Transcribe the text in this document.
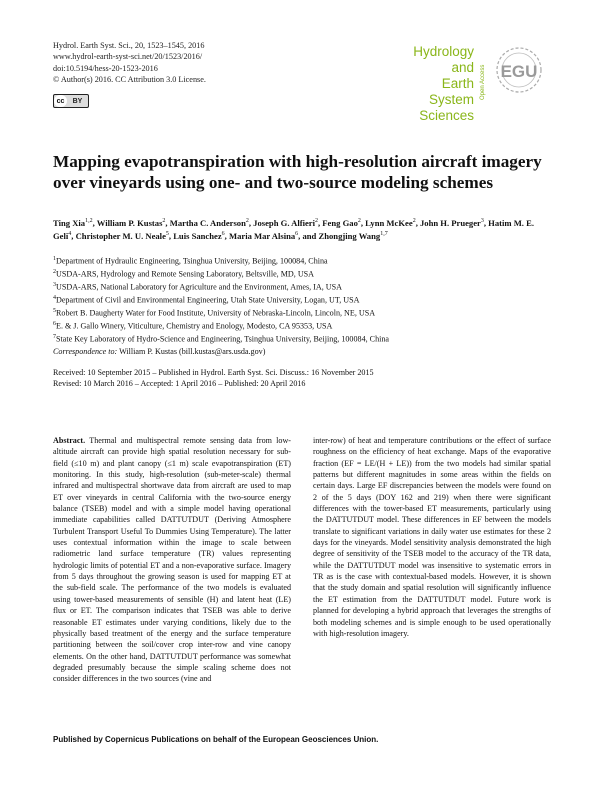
Hydrol. Earth Syst. Sci., 20, 1523–1545, 2016
www.hydrol-earth-syst-sci.net/20/1523/2016/
doi:10.5194/hess-20-1523-2016
© Author(s) 2016. CC Attribution 3.0 License.
cc	BY
Hydrology and
Earth System
Sciences
Open Access EGU
Mapping evapotranspiration with high-resolution aircraft imagery over vineyards using one- and two-source modeling schemes
Ting Xia$^{1,2}$, William P. Kustas$^2$, Martha C. Anderson$^2$, Joseph G. Alfieri$^2$, Feng Gao$^2$, Lynn McKee$^2$, John H. Prueger$^3$, Hatim M. E. Geli$^4$, Christopher M. U. Neale$^5$, Luis Sanchez$^6$, Maria Mar Alsina$^6$, and Zhongjing Wang$^{1,7}$
$^1$Department of Hydraulic Engineering, Tsinghua University, Beijing, 100084, China
$^2$USDA-ARS, Hydrology and Remote Sensing Laboratory, Beltsville, MD, USA
$^3$USDA-ARS, National Laboratory for Agriculture and the Environment, Ames, IA, USA
$^4$Department of Civil and Environmental Engineering, Utah State University, Logan, UT, USA
$^5$Robert B. Daugherty Water for Food Institute, University of Nebraska-Lincoln, Lincoln, NE, USA
$^6$E. & J. Gallo Winery, Viticulture, Chemistry and Enology, Modesto, CA 95353, USA
$^7$State Key Laboratory of Hydro-Science and Engineering, Tsinghua University, Beijing, 100084, China
Correspondence to: William P. Kustas (bill.kustas@ars.usda.gov)
Received: 10 September 2015 – Published in Hydrol. Earth Syst. Sci. Discuss.: 16 November 2015
Revised: 10 March 2016 – Accepted: 1 April 2016 – Published: 20 April 2016
Abstract. Thermal and multispectral remote sensing data from low-altitude aircraft can provide high spatial resolution necessary for sub-field (≤10 m) and plant canopy (≤1 m) scale evapotranspiration (ET) monitoring. In this study, high-resolution (sub-meter-scale) thermal infrared and multispectral shortwave data from aircraft are used to map ET over vineyards in central California with the two-source energy balance (TSEB) model and with a simple model having operational immediate capabilities called DATTUTDUT (Deriving Atmosphere Turbulent Transport Useful To Dummies Using Temperature). The latter uses contextual information within the image to scale between radiometric land surface temperature (TR) values representing hydrologic limits of potential ET and a non-evaporative surface. Imagery from 5 days throughout the growing season is used for mapping ET at the sub-field scale. The performance of the two models is evaluated using tower-based measurements of sensible (H) and latent heat (LE) flux or ET. The comparison indicates that TSEB was able to derive reasonable ET estimates under varying conditions, likely due to the physically based treatment of the energy and the surface temperature partitioning between the soil/cover crop inter-row and vine canopy elements. On the other hand, DATTUTDUT performance was somewhat degraded presumably because the simple scaling scheme does not consider differences in the two sources (vine and
inter-row) of heat and temperature contributions or the effect of surface roughness on the efficiency of heat exchange. Maps of the evaporative fraction (EF = LE/(H + LE)) from the two models had similar spatial patterns but different magnitudes in some areas within the fields on certain days. Large EF discrepancies between the models were found on 2 of the 5 days (DOY 162 and 219) when there were significant differences with the tower-based ET measurements, particularly using the DATTUTDUT model. These differences in EF between the models translate to significant variations in daily water use estimates for these 2 days for the vineyards. Model sensitivity analysis demonstrated the high degree of sensitivity of the TSEB model to the accuracy of the TR data, while the DATTUTDUT model was insensitive to systematic errors in TR as is the case with contextual-based models. However, it is shown that the study domain and spatial resolution will significantly influence the ET estimation from the DATTUTDUT model. Future work is planned for developing a hybrid approach that leverages the strengths of both modeling schemes and is simple enough to be used operationally with high-resolution imagery.
Published by Copernicus Publications on behalf of the European Geosciences Union.
